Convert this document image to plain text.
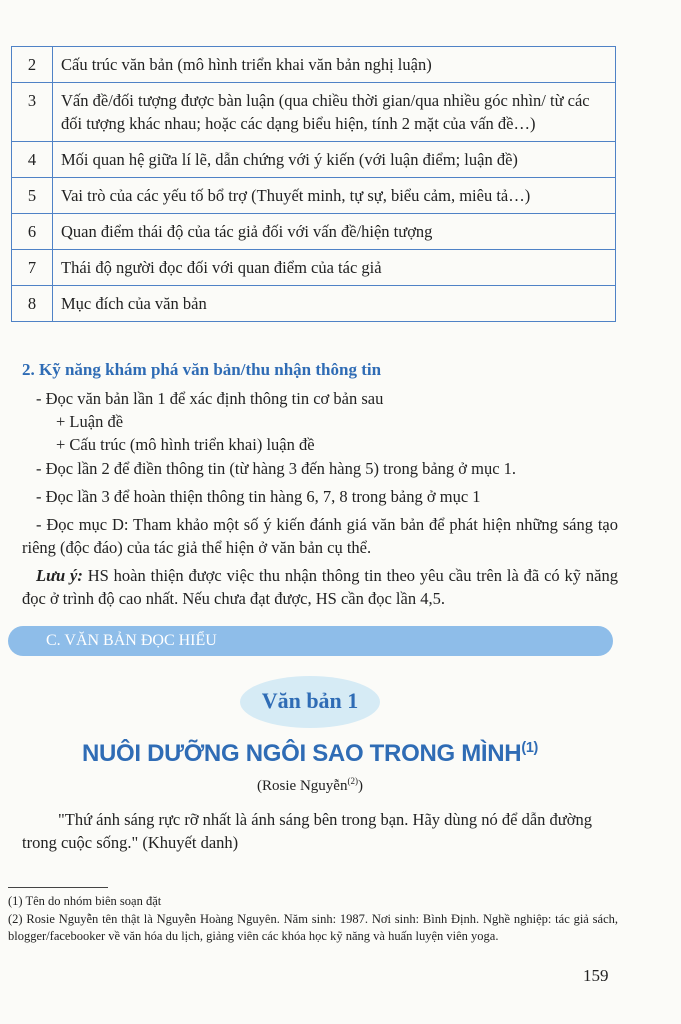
2	Cấu trúc văn bản (mô hình triển khai văn bản nghị luận)
3	Vấn đề/đối tượng được bàn luận (qua chiều thời gian/qua nhiều góc nhìn/ từ các đối tượng khác nhau; hoặc các dạng biểu hiện, tính 2 mặt của vấn đề…)
4	Mối quan hệ giữa lí lẽ, dẫn chứng với ý kiến (với luận điểm; luận đề)
5	Vai trò của các yếu tố bổ trợ (Thuyết minh, tự sự, biểu cảm, miêu tả…)
6	Quan điểm thái độ của tác giả đối với vấn đề/hiện tượng
7	Thái độ người đọc đối với quan điểm của tác giả
8	Mục đích của văn bản
2. Kỹ năng khám phá văn bản/thu nhận thông tin
- Đọc văn bản lần 1 để xác định thông tin cơ bản sau
+ Luận đề
+ Cấu trúc (mô hình triển khai) luận đề
- Đọc lần 2 để điền thông tin (từ hàng 3 đến hàng 5) trong bảng ở mục 1.
- Đọc lần 3 để hoàn thiện thông tin hàng 6, 7, 8 trong bảng ở mục 1
- Đọc mục D: Tham khảo một số ý kiến đánh giá văn bản để phát hiện những sáng tạo riêng (độc đáo) của tác giả thể hiện ở văn bản cụ thể.
Lưu ý: HS hoàn thiện được việc thu nhận thông tin theo yêu cầu trên là đã có kỹ năng đọc ở trình độ cao nhất. Nếu chưa đạt được, HS cần đọc lần 4,5.
C. VĂN BẢN ĐỌC HIỂU
Văn bản 1
NUÔI DƯỠNG NGÔI SAO TRONG MÌNH$^{(1)}$
(Rosie Nguyễn$^{(2)}$)
"Thứ ánh sáng rực rỡ nhất là ánh sáng bên trong bạn. Hãy dùng nó để dẫn đường trong cuộc sống." (Khuyết danh)
(1) Tên do nhóm biên soạn đặt
(2) Rosie Nguyễn tên thật là Nguyễn Hoàng Nguyên. Năm sinh: 1987. Nơi sinh: Bình Định. Nghề nghiệp: tác giả sách, blogger/facebooker về văn hóa du lịch, giảng viên các khóa học kỹ năng và huấn luyện viên yoga.
159
